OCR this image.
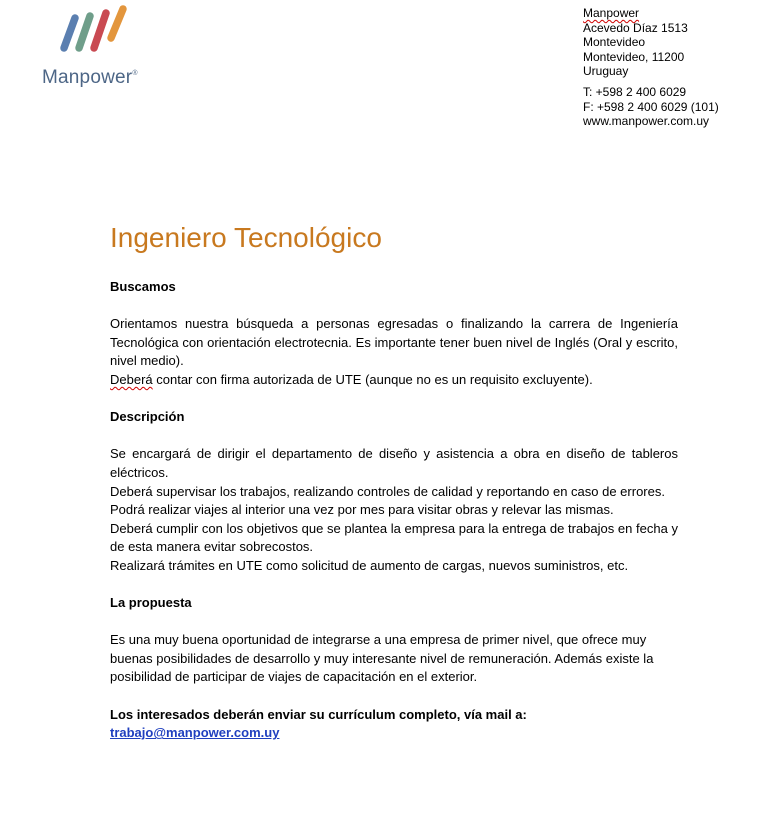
Manpower®
Manpower
Acevedo Díaz 1513
Montevideo
Montevideo, 11200
Uruguay
T: +598 2 400 6029
F: +598 2 400 6029 (101)
www.manpower.com.uy
Ingeniero Tecnológico
Buscamos

Orientamos nuestra búsqueda a personas egresadas o finalizando la carrera de Ingeniería Tecnológica con orientación electrotecnia. Es importante tener buen nivel de Inglés (Oral y escrito, nivel medio).

Deberá contar con firma autorizada de UTE (aunque no es un requisito excluyente).

Descripción

Se encargará de dirigir el departamento de diseño y asistencia a obra en diseño de tableros eléctricos.

Deberá supervisar los trabajos, realizando controles de calidad y reportando en caso de errores.

Podrá realizar viajes al interior una vez por mes para visitar obras y relevar las mismas.

Deberá cumplir con los objetivos que se plantea la empresa para la entrega de trabajos en fecha y de esta manera evitar sobrecostos.

Realizará trámites en UTE como solicitud de aumento de cargas, nuevos suministros, etc.

La propuesta

Es una muy buena oportunidad de integrarse a una empresa de primer nivel, que ofrece muy buenas posibilidades de desarrollo y muy interesante nivel de remuneración. Además existe la posibilidad de participar de viajes de capacitación en el exterior.

Los interesados deberán enviar su currículum completo, vía mail a:

trabajo@manpower.com.uy
